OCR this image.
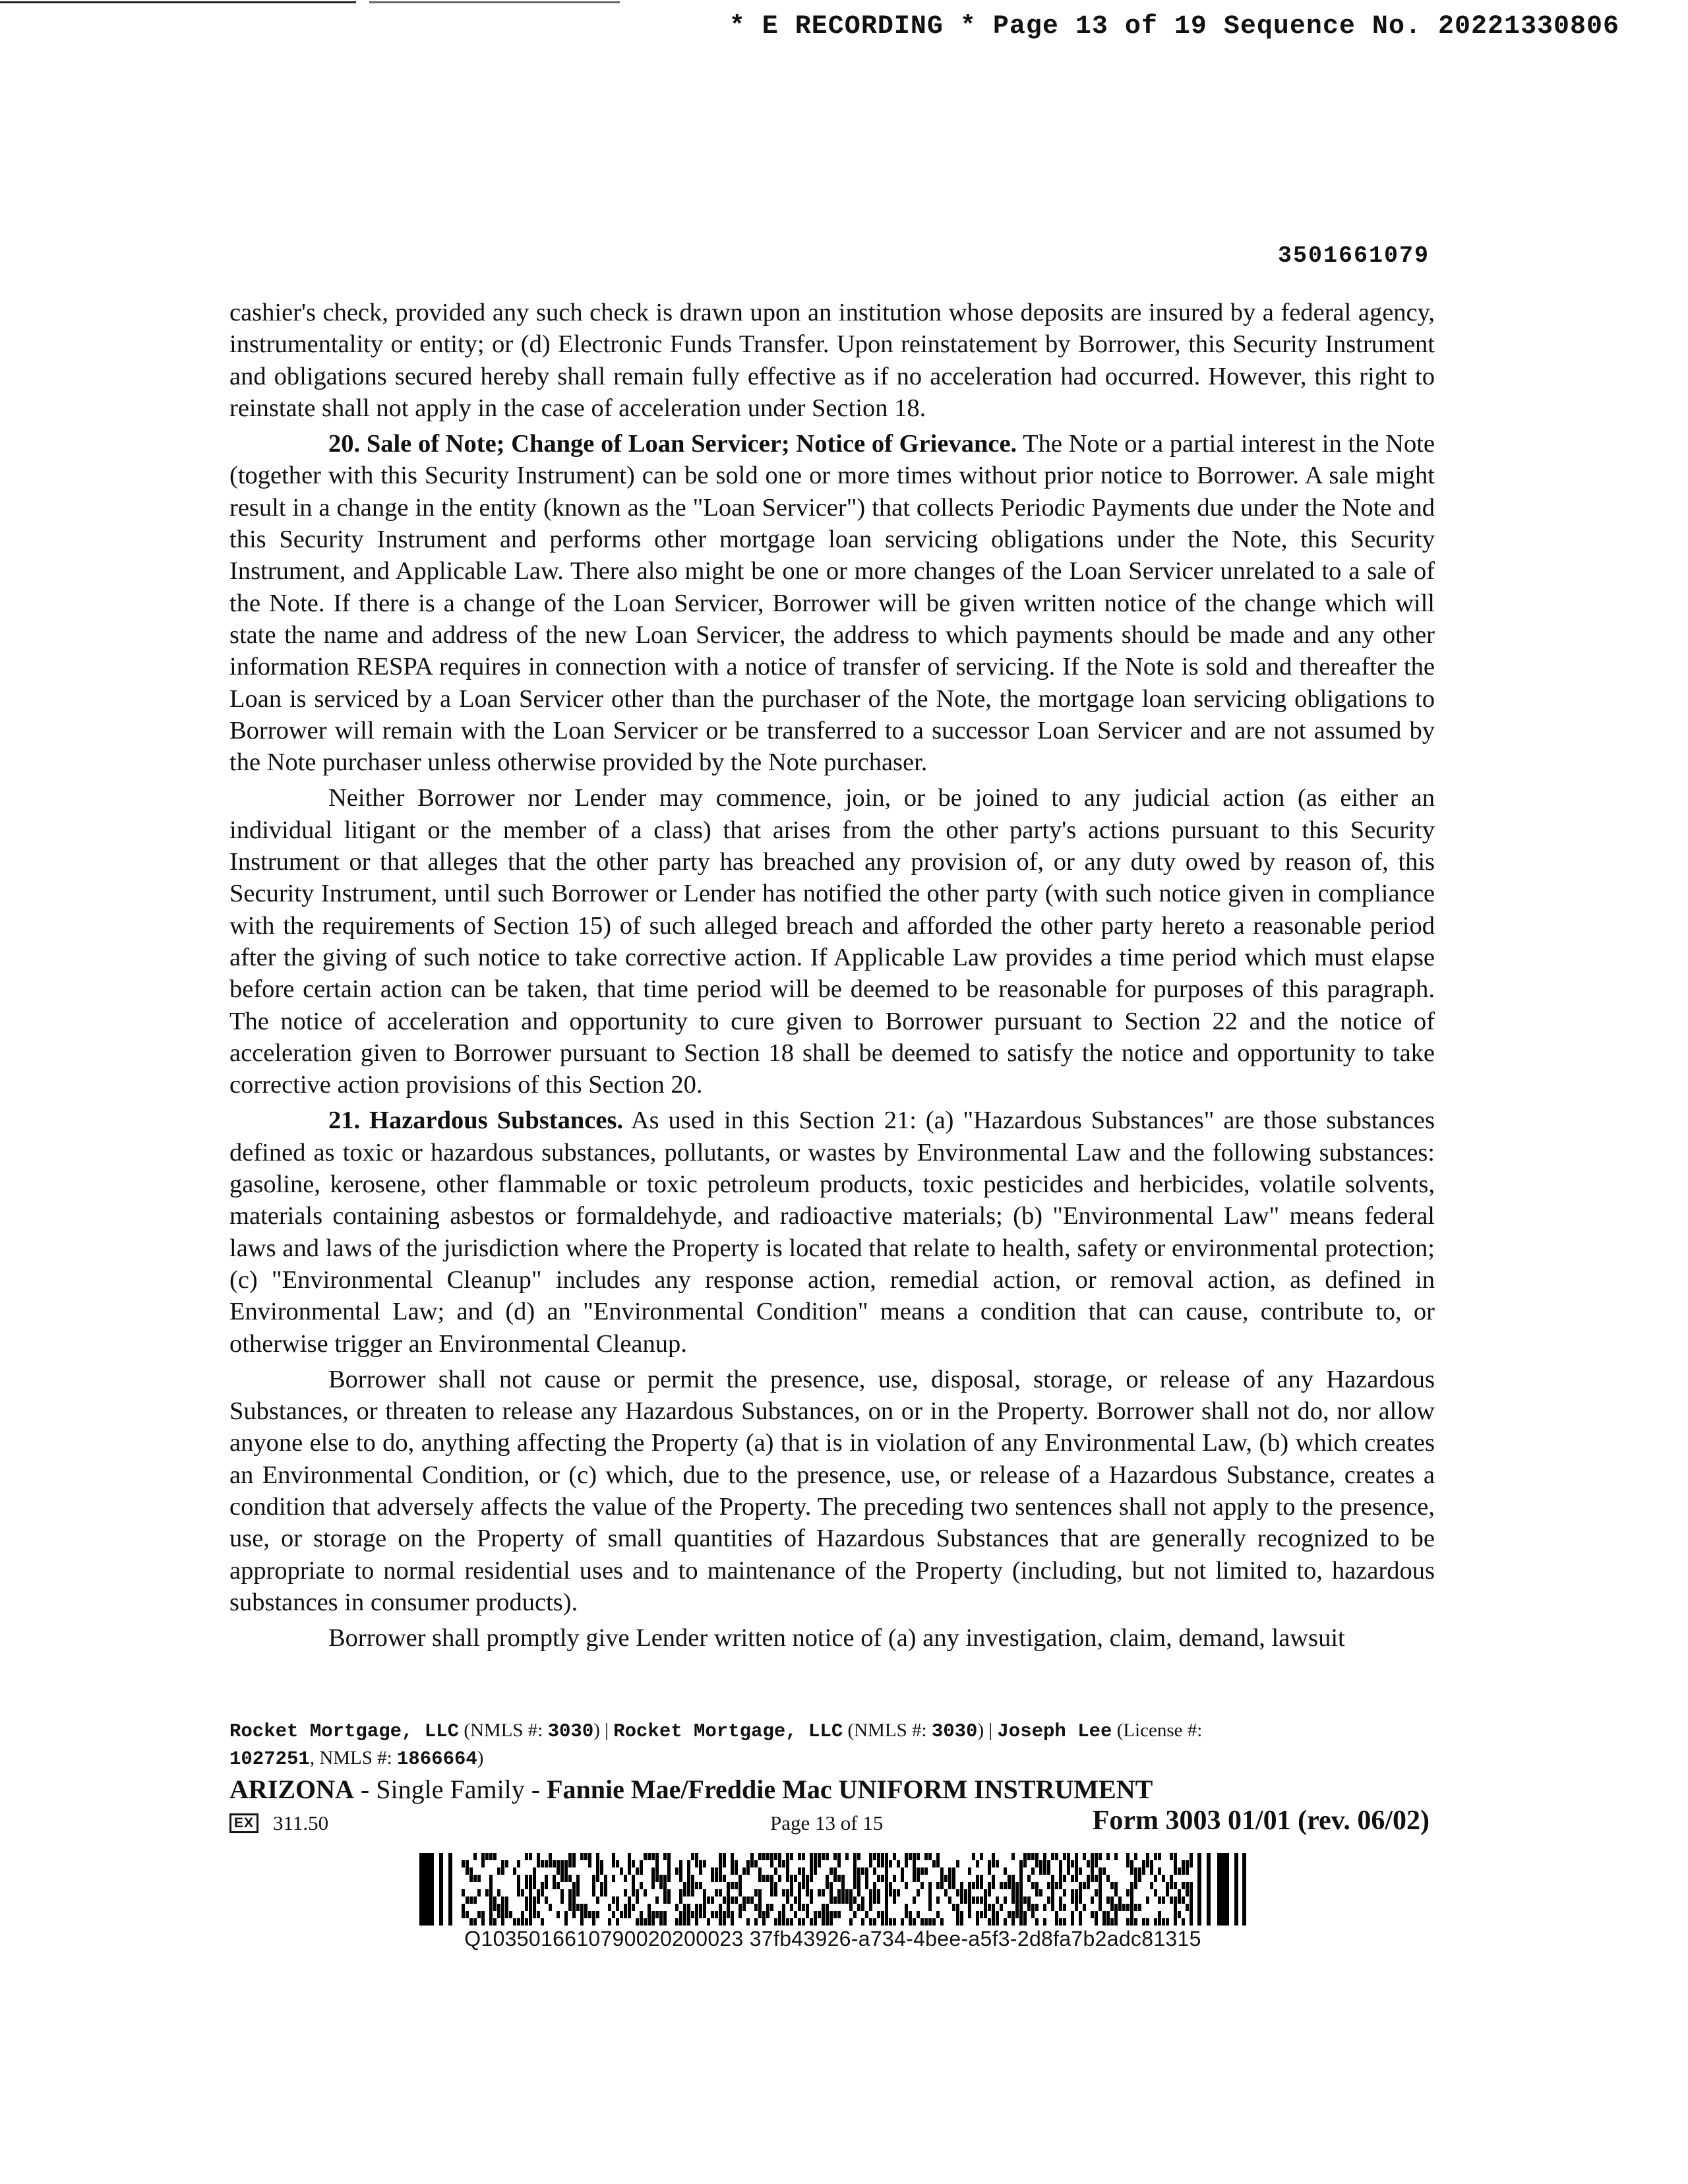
* E RECORDING * Page 13 of 19 Sequence No. 20221330806
3501661079

cashier's check, provided any such check is drawn upon an institution whose deposits are insured by a federal agency, instrumentality or entity; or (d) Electronic Funds Transfer. Upon reinstatement by Borrower, this Security Instrument and obligations secured hereby shall remain fully effective as if no acceleration had occurred. However, this right to reinstate shall not apply in the case of acceleration under Section 18.

20. Sale of Note; Change of Loan Servicer; Notice of Grievance. The Note or a partial interest in the Note (together with this Security Instrument) can be sold one or more times without prior notice to Borrower. A sale might result in a change in the entity (known as the "Loan Servicer") that collects Periodic Payments due under the Note and this Security Instrument and performs other mortgage loan servicing obligations under the Note, this Security Instrument, and Applicable Law. There also might be one or more changes of the Loan Servicer unrelated to a sale of the Note. If there is a change of the Loan Servicer, Borrower will be given written notice of the change which will state the name and address of the new Loan Servicer, the address to which payments should be made and any other information RESPA requires in connection with a notice of transfer of servicing. If the Note is sold and thereafter the Loan is serviced by a Loan Servicer other than the purchaser of the Note, the mortgage loan servicing obligations to Borrower will remain with the Loan Servicer or be transferred to a successor Loan Servicer and are not assumed by the Note purchaser unless otherwise provided by the Note purchaser.

Neither Borrower nor Lender may commence, join, or be joined to any judicial action (as either an individual litigant or the member of a class) that arises from the other party's actions pursuant to this Security Instrument or that alleges that the other party has breached any provision of, or any duty owed by reason of, this Security Instrument, until such Borrower or Lender has notified the other party (with such notice given in compliance with the requirements of Section 15) of such alleged breach and afforded the other party hereto a reasonable period after the giving of such notice to take corrective action. If Applicable Law provides a time period which must elapse before certain action can be taken, that time period will be deemed to be reasonable for purposes of this paragraph. The notice of acceleration and opportunity to cure given to Borrower pursuant to Section 22 and the notice of acceleration given to Borrower pursuant to Section 18 shall be deemed to satisfy the notice and opportunity to take corrective action provisions of this Section 20.

21. Hazardous Substances. As used in this Section 21: (a) "Hazardous Substances" are those substances defined as toxic or hazardous substances, pollutants, or wastes by Environmental Law and the following substances: gasoline, kerosene, other flammable or toxic petroleum products, toxic pesticides and herbicides, volatile solvents, materials containing asbestos or formaldehyde, and radioactive materials; (b) "Environmental Law" means federal laws and laws of the jurisdiction where the Property is located that relate to health, safety or environmental protection; (c) "Environmental Cleanup" includes any response action, remedial action, or removal action, as defined in Environmental Law; and (d) an "Environmental Condition" means a condition that can cause, contribute to, or otherwise trigger an Environmental Cleanup.

Borrower shall not cause or permit the presence, use, disposal, storage, or release of any Hazardous Substances, or threaten to release any Hazardous Substances, on or in the Property. Borrower shall not do, nor allow anyone else to do, anything affecting the Property (a) that is in violation of any Environmental Law, (b) which creates an Environmental Condition, or (c) which, due to the presence, use, or release of a Hazardous Substance, creates a condition that adversely affects the value of the Property. The preceding two sentences shall not apply to the presence, use, or storage on the Property of small quantities of Hazardous Substances that are generally recognized to be appropriate to normal residential uses and to maintenance of the Property (including, but not limited to, hazardous substances in consumer products).

Borrower shall promptly give Lender written notice of (a) any investigation, claim, demand, lawsuit

Rocket Mortgage, LLC (NMLS #: 3030) | Rocket Mortgage, LLC (NMLS #: 3030) | Joseph Lee (License #:
1027251, NMLS #: 1866664)
ARIZONA - Single Family - Fannie Mae/Freddie Mac UNIFORM INSTRUMENT
EX 311.50	Page 13 of 15	Form 3003 01/01 (rev. 06/02)
Q1035016610790020200023 37fb43926-a734-4bee-a5f3-2d8fa7b2adc81315
